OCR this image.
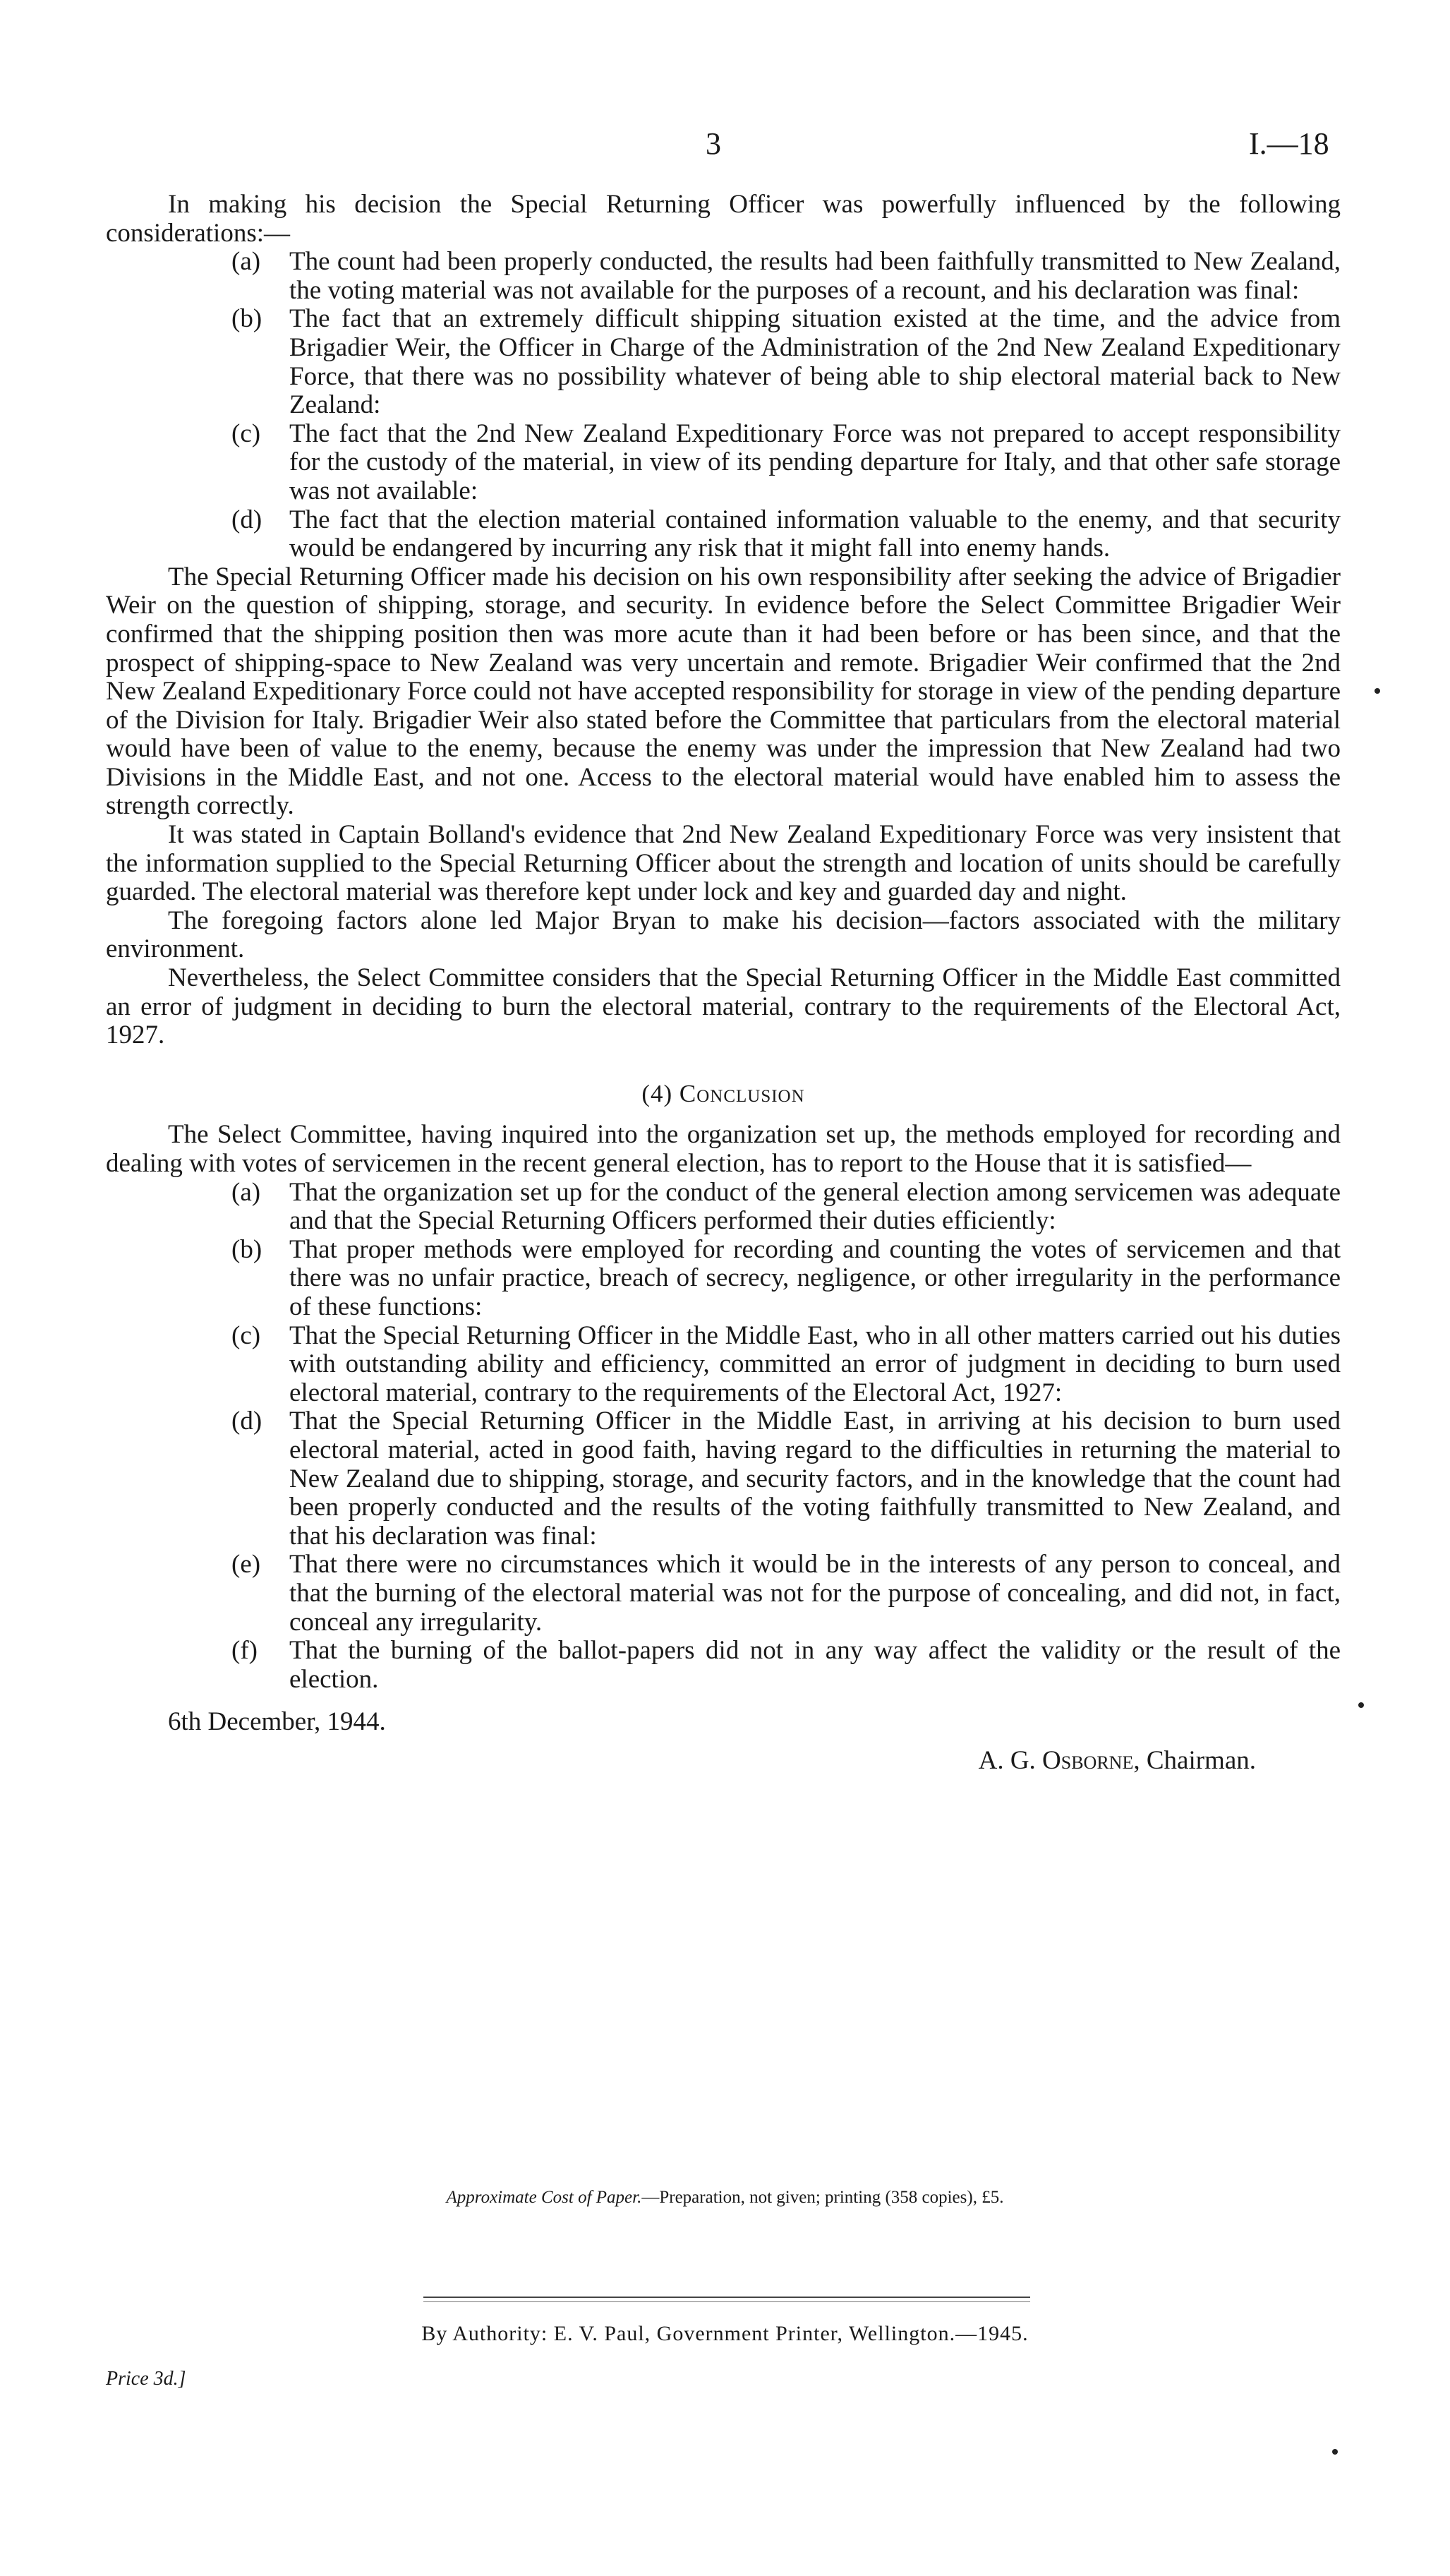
3	I.—18

In making his decision the Special Returning Officer was powerfully influenced by the following considerations:—

(a)	The count had been properly conducted, the results had been faithfully transmitted to New Zealand, the voting material was not available for the purposes of a recount, and his declaration was final:
(b)	The fact that an extremely difficult shipping situation existed at the time, and the advice from Brigadier Weir, the Officer in Charge of the Administration of the 2nd New Zealand Expeditionary Force, that there was no possibility whatever of being able to ship electoral material back to New Zealand:
(c)	The fact that the 2nd New Zealand Expeditionary Force was not prepared to accept responsibility for the custody of the material, in view of its pending departure for Italy, and that other safe storage was not available:
(d)	The fact that the election material contained information valuable to the enemy, and that security would be endangered by incurring any risk that it might fall into enemy hands.

The Special Returning Officer made his decision on his own responsibility after seeking the advice of Brigadier Weir on the question of shipping, storage, and security. In evidence before the Select Committee Brigadier Weir confirmed that the shipping position then was more acute than it had been before or has been since, and that the prospect of shipping-space to New Zealand was very uncertain and remote. Brigadier Weir confirmed that the 2nd New Zealand Expeditionary Force could not have accepted responsibility for storage in view of the pending departure of the Division for Italy. Brigadier Weir also stated before the Committee that particulars from the electoral material would have been of value to the enemy, because the enemy was under the impression that New Zealand had two Divisions in the Middle East, and not one. Access to the electoral material would have enabled him to assess the strength correctly.

It was stated in Captain Bolland's evidence that 2nd New Zealand Expeditionary Force was very insistent that the information supplied to the Special Returning Officer about the strength and location of units should be carefully guarded. The electoral material was therefore kept under lock and key and guarded day and night.

The foregoing factors alone led Major Bryan to make his decision—factors associated with the military environment.

Nevertheless, the Select Committee considers that the Special Returning Officer in the Middle East committed an error of judgment in deciding to burn the electoral material, contrary to the requirements of the Electoral Act, 1927.

(4) Conclusion

The Select Committee, having inquired into the organization set up, the methods employed for recording and dealing with votes of servicemen in the recent general election, has to report to the House that it is satisfied—

(a)	That the organization set up for the conduct of the general election among servicemen was adequate and that the Special Returning Officers performed their duties efficiently:
(b)	That proper methods were employed for recording and counting the votes of servicemen and that there was no unfair practice, breach of secrecy, negligence, or other irregularity in the performance of these functions:
(c)	That the Special Returning Officer in the Middle East, who in all other matters carried out his duties with outstanding ability and efficiency, committed an error of judgment in deciding to burn used electoral material, contrary to the requirements of the Electoral Act, 1927:
(d)	That the Special Returning Officer in the Middle East, in arriving at his decision to burn used electoral material, acted in good faith, having regard to the difficulties in returning the material to New Zealand due to shipping, storage, and security factors, and in the knowledge that the count had been properly conducted and the results of the voting faithfully transmitted to New Zealand, and that his declaration was final:
(e)	That there were no circumstances which it would be in the interests of any person to conceal, and that the burning of the electoral material was not for the purpose of concealing, and did not, in fact, conceal any irregularity.
(f)	That the burning of the ballot-papers did not in any way affect the validity or the result of the election.

6th December, 1944.

A. G. Osborne, Chairman.

Approximate Cost of Paper.—Preparation, not given; printing (358 copies), £5.
By Authority: E. V. Paul, Government Printer, Wellington.—1945.
Price 3d.]
